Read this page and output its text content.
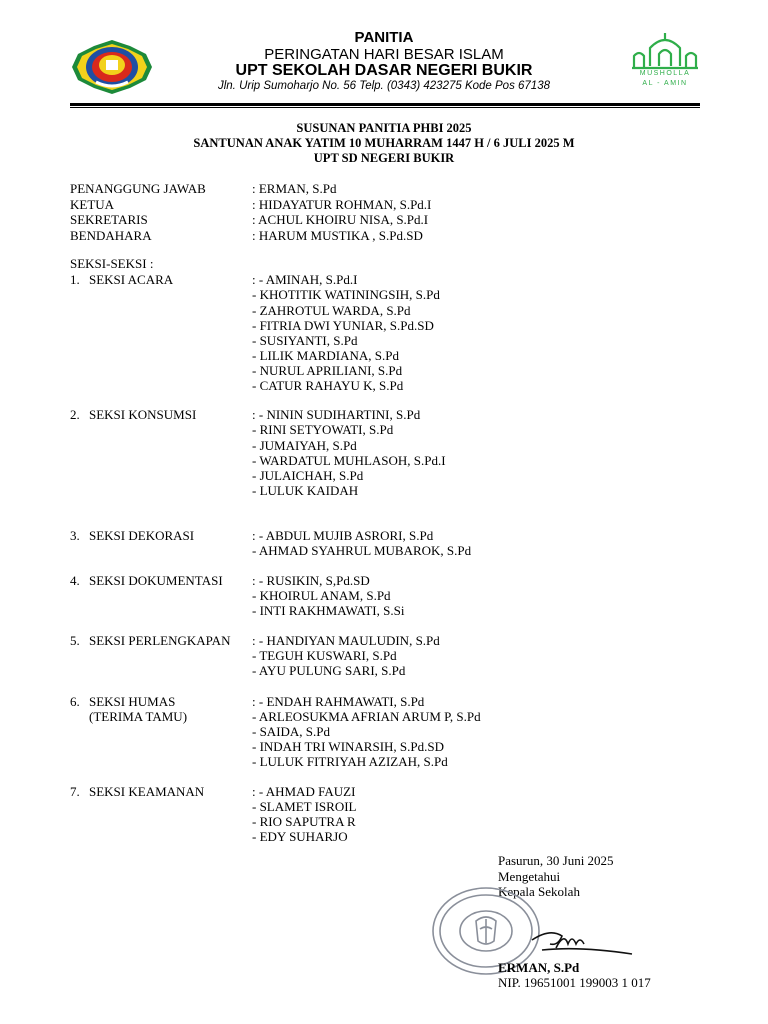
PANITIA
PERINGATAN HARI BESAR ISLAM
UPT SEKOLAH DASAR NEGERI BUKIR
Jln. Urip Sumoharjo No. 56 Telp. (0343) 423275 Kode Pos 67138
MUSHOLLA
AL - AMIN
SUSUNAN PANITIA PHBI 2025
SANTUNAN ANAK YATIM 10 MUHARRAM 1447 H / 6 JULI 2025 M
UPT SD NEGERI BUKIR
PENANGGUNG JAWAB	: ERMAN, S.Pd
KETUA	: HIDAYATUR ROHMAN, S.Pd.I
SEKRETARIS	: ACHUL KHOIRU NISA, S.Pd.I
BENDAHARA	: HARUM MUSTIKA , S.Pd.SD
SEKSI-SEKSI :
1. SEKSI ACARA	: - AMINAH, S.Pd.I
- KHOTITIK WATININGSIH, S.Pd
- ZAHROTUL WARDA, S.Pd
- FITRIA DWI YUNIAR, S.Pd.SD
- SUSIYANTI, S.Pd
- LILIK MARDIANA, S.Pd
- NURUL APRILIANI, S.Pd
- CATUR RAHAYU K, S.Pd
2. SEKSI KONSUMSI	: - NININ SUDIHARTINI, S.Pd
- RINI SETYOWATI, S.Pd
- JUMAIYAH, S.Pd
- WARDATUL MUHLASOH, S.Pd.I
- JULAICHAH, S.Pd
- LULUK KAIDAH
3. SEKSI DEKORASI	: - ABDUL MUJIB ASRORI, S.Pd
- AHMAD SYAHRUL MUBAROK, S.Pd
4. SEKSI DOKUMENTASI : - RUSIKIN, S,Pd.SD
- KHOIRUL ANAM, S.Pd
- INTI RAKHMAWATI, S.Si
5. SEKSI PERLENGKAPAN : - HANDIYAN MAULUDIN, S.Pd
- TEGUH KUSWARI, S.Pd
- AYU PULUNG SARI, S.Pd
6. SEKSI HUMAS
(TERIMA TAMU)
: - ENDAH RAHMAWATI, S.Pd
- ARLEOSUKMA AFRIAN ARUM P, S.Pd
- SAIDA, S.Pd
- INDAH TRI WINARSIH, S.Pd.SD
- LULUK FITRIYAH AZIZAH, S.Pd
7. SEKSI KEAMANAN	: - AHMAD FAUZI
- SLAMET ISROIL
- RIO SAPUTRA R
- EDY SUHARJO
Pasurun, 30 Juni 2025
Mengetahui
Kepala Sekolah
ERMAN, S.Pd
NIP. 19651001 199003 1 017
